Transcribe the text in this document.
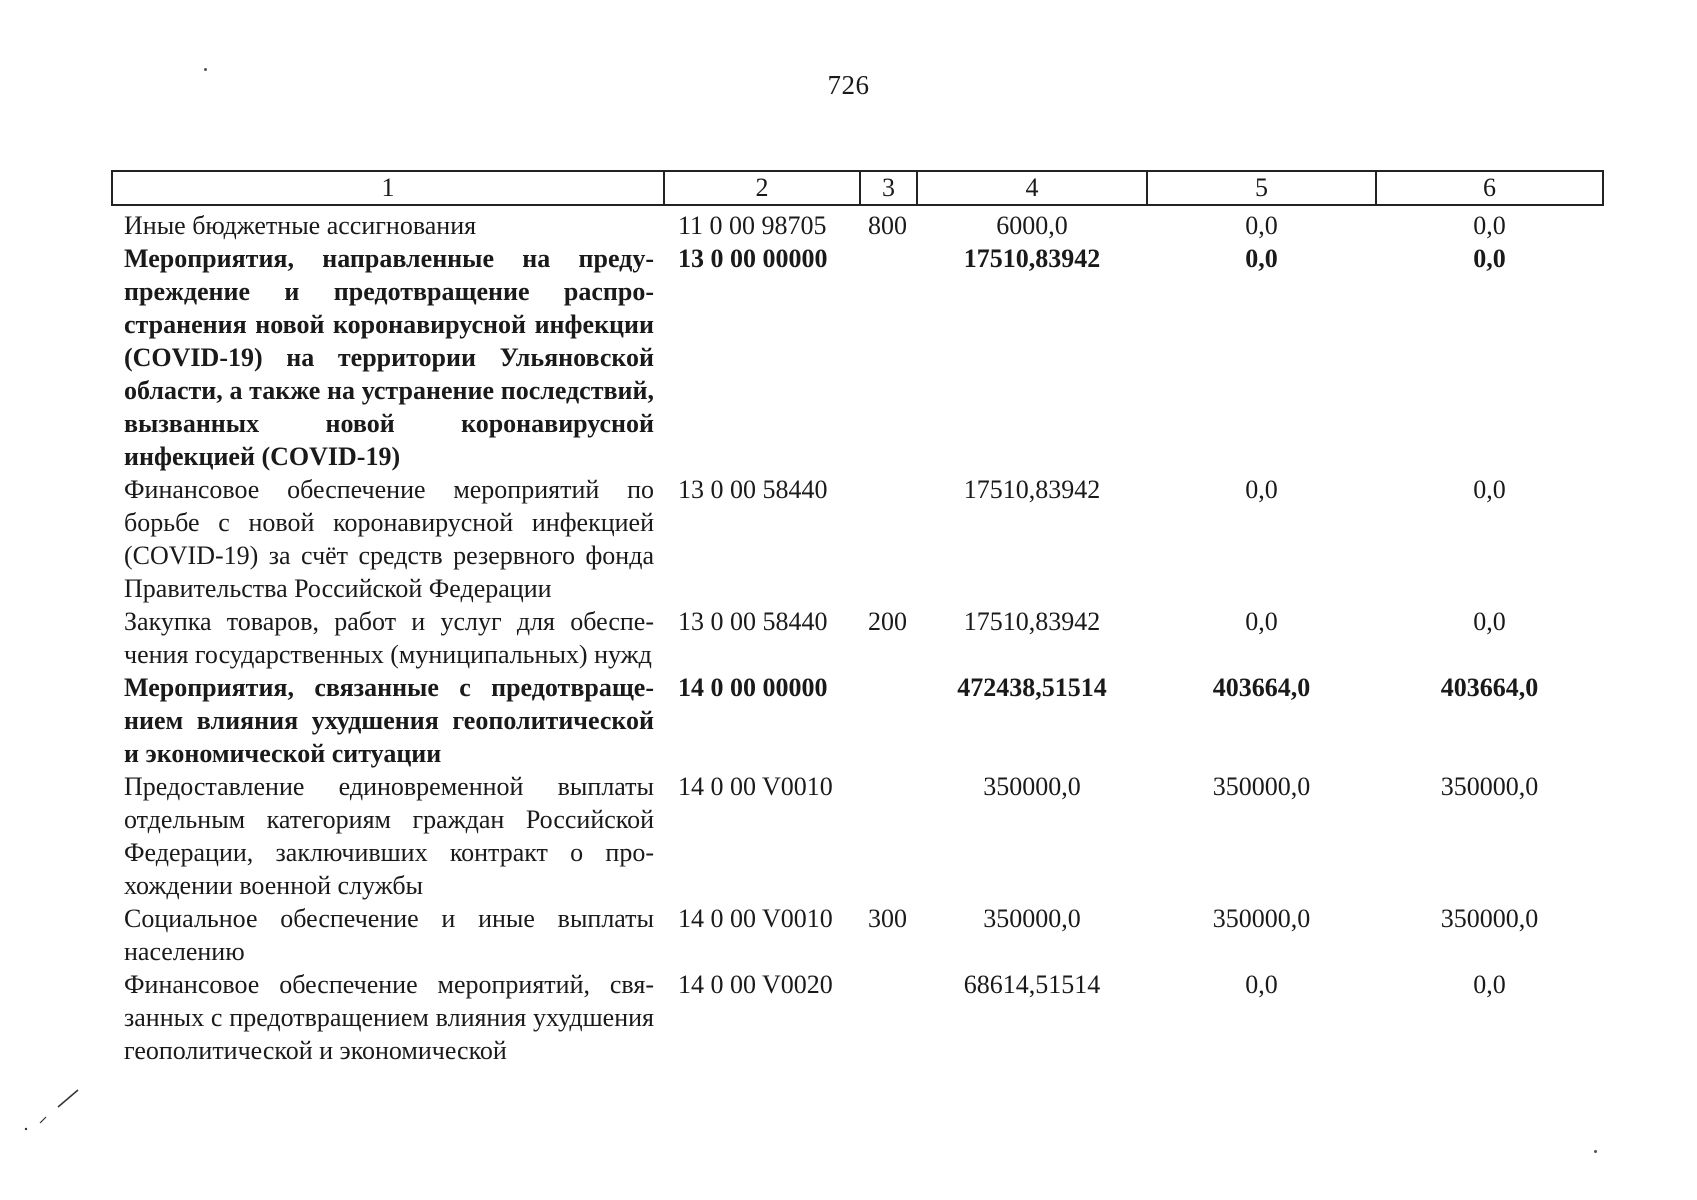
726
1	2	3	4	5	6
Иные бюджетные ассигнования	11 0 00 98705	800	6000,0	0,0	0,0
Мероприятия, направленные на предупреждение и предотвращение распространения новой коронавирусной инфекции (COVID-19) на территории Ульяновской области, а также на устранение последствий, вызванных новой коронавирусной инфекцией (COVID-19)	13 0 00 00000		17510,83942	0,0	0,0
Финансовое обеспечение мероприятий по борьбе с новой коронавирусной инфекцией (COVID-19) за счёт средств резервного фонда Правительства Российской Федерации	13 0 00 58440		17510,83942	0,0	0,0
Закупка товаров, работ и услуг для обеспечения государственных (муниципальных) нужд	13 0 00 58440	200	17510,83942	0,0	0,0
Мероприятия, связанные с предотвращением влияния ухудшения геополитической и экономической ситуации	14 0 00 00000		472438,51514	403664,0	403664,0
Предоставление единовременной выплаты отдельным категориям граждан Российской Федерации, заключивших контракт о прохождении военной службы	14 0 00 V0010		350000,0	350000,0	350000,0
Социальное обеспечение и иные выплаты населению	14 0 00 V0010	300	350000,0	350000,0	350000,0
Финансовое обеспечение мероприятий, связанных с предотвращением влияния ухудшения геополитической и экономической	14 0 00 V0020		68614,51514	0,0	0,0
